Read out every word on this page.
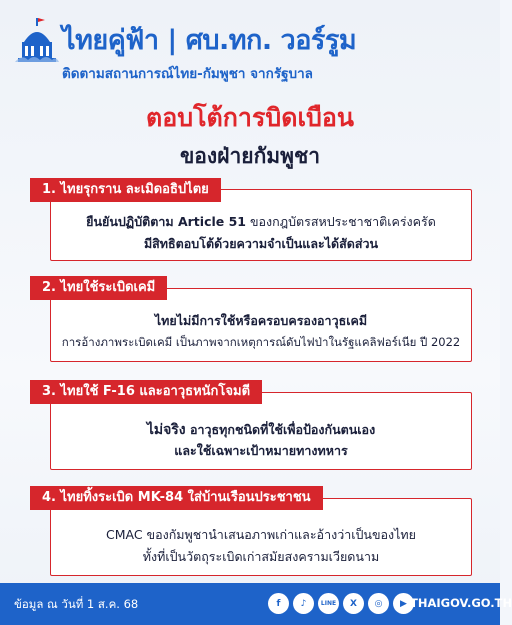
ไทยคู่ฟ้า | ศบ.ทก. วอร์รูม
ติดตามสถานการณ์ไทย-กัมพูชา จากรัฐบาล
ตอบโต้การบิดเบือน
ของฝ่ายกัมพูชา
1. ไทยรุกราน ละเมิดอธิปไตย
ยืนยันปฏิบัติตาม Article 51 ของกฎบัตรสหประชาชาติเคร่งครัด
มีสิทธิตอบโต้ด้วยความจำเป็นและได้สัดส่วน
2. ไทยใช้ระเบิดเคมี
ไทยไม่มีการใช้หรือครอบครองอาวุธเคมี
การอ้างภาพระเบิดเคมี เป็นภาพจากเหตุการณ์ดับไฟป่าในรัฐแคลิฟอร์เนีย ปี 2022
3. ไทยใช้ F-16 และอาวุธหนักโจมตี
ไม่จริง อาวุธทุกชนิดที่ใช้เพื่อป้องกันตนเอง
และใช้เฉพาะเป้าหมายทางทหาร
4. ไทยทิ้งระเบิด MK-84 ใส่บ้านเรือนประชาชน
CMAC ของกัมพูชานำเสนอภาพเก่าและอ้างว่าเป็นของไทย
ทั้งที่เป็นวัตถุระเบิดเก่าสมัยสงครามเวียดนาม
ข้อมูล ณ วันที่ 1 ส.ค. 68	f	♪	LINE	X	◎	▶ THAIGOV.GO.TH
